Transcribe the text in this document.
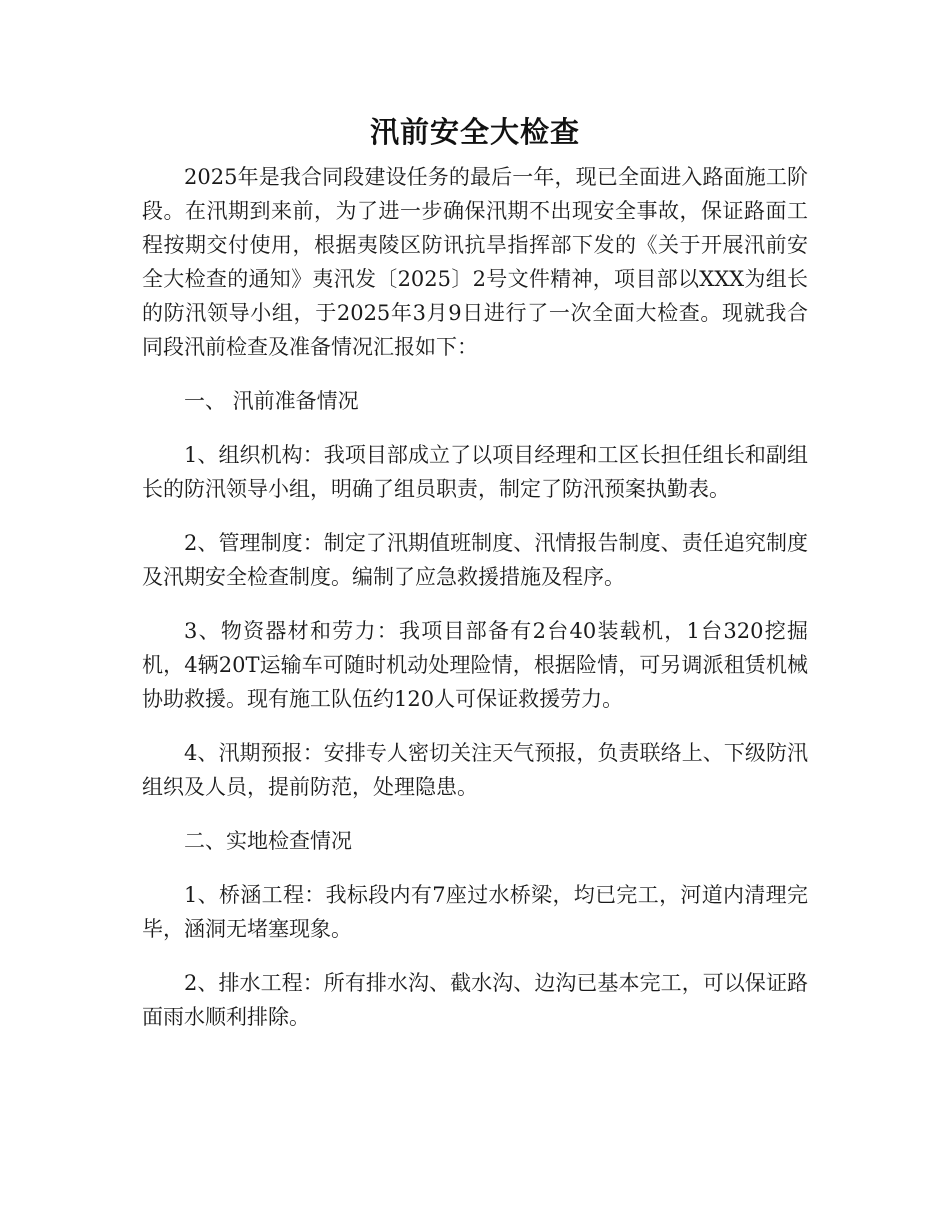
汛前安全大检查

2025年是我合同段建设任务的最后一年，现已全面进入路面施工阶段。在汛期到来前，为了进一步确保汛期不出现安全事故，保证路面工程按期交付使用，根据夷陵区防讯抗旱指挥部下发的《关于开展汛前安全大检查的通知》夷汛发〔2025〕2号文件精神，项目部以XXX为组长的防汛领导小组，于2025年3月9日进行了一次全面大检查。现就我合同段汛前检查及准备情况汇报如下：

一、 汛前准备情况

1、组织机构：我项目部成立了以项目经理和工区长担任组长和副组长的防汛领导小组，明确了组员职责，制定了防汛预案执勤表。

2、管理制度：制定了汛期值班制度、汛情报告制度、责任追究制度及汛期安全检查制度。编制了应急救援措施及程序。

3、物资器材和劳力：我项目部备有2台40装载机，1台320挖掘机，4辆20T运输车可随时机动处理险情，根据险情，可另调派租赁机械协助救援。现有施工队伍约120人可保证救援劳力。

4、汛期预报：安排专人密切关注天气预报，负责联络上、下级防汛组织及人员，提前防范，处理隐患。

二、实地检查情况

1、桥涵工程：我标段内有7座过水桥梁，均已完工，河道内清理完毕，涵洞无堵塞现象。

2、排水工程：所有排水沟、截水沟、边沟已基本完工，可以保证路面雨水顺利排除。
